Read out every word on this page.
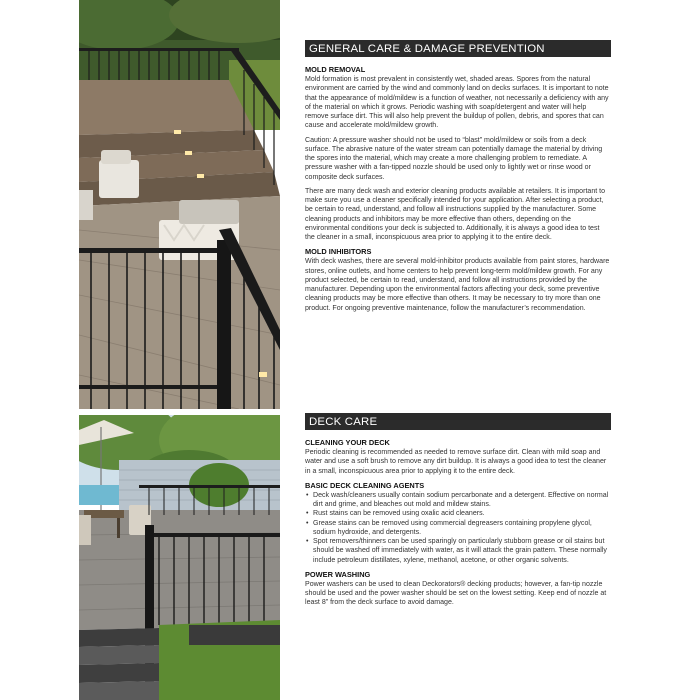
GENERAL CARE & DAMAGE PREVENTION
MOLD REMOVAL

Mold formation is most prevalent in consistently wet, shaded areas. Spores from the natural environment are carried by the wind and commonly land on decks surfaces. It is important to note that the appearance of mold/mildew is a function of weather, not necessarily a deficiency with any of the material on which it grows. Periodic washing with soap/detergent and water will help remove surface dirt. This will also help prevent the buildup of pollen, debris, and spores that can cause and accelerate mold/mildew growth.

Caution: A pressure washer should not be used to “blast” mold/mildew or soils from a deck surface. The abrasive nature of the water stream can potentially damage the material by driving the spores into the material, which may create a more challenging problem to remediate. A pressure washer with a fan-tipped nozzle should be used only to lightly wet or rinse wood or composite deck surfaces.

There are many deck wash and exterior cleaning products available at retailers. It is important to make sure you use a cleaner specifically intended for your application. After selecting a product, be certain to read, understand, and follow all instructions supplied by the manufacturer. Some cleaning products and inhibitors may be more effective than others, depending on the environmental conditions your deck is subjected to. Additionally, it is always a good idea to test the cleaner in a small, inconspicuous area prior to applying it to the entire deck.

MOLD INHIBITORS

With deck washes, there are several mold-inhibitor products available from paint stores, hardware stores, online outlets, and home centers to help prevent long-term mold/mildew growth. For any product selected, be certain to read, understand, and follow all instructions provided by the manufacturer. Depending upon the environmental factors affecting your deck, some preventive cleaning products may be more effective than others. It may be necessary to try more than one product. For ongoing preventive maintenance, follow the manufacturer’s recommendation.

DECK CARE
CLEANING YOUR DECK

Periodic cleaning is recommended as needed to remove surface dirt. Clean with mild soap and water and use a soft brush to remove any dirt buildup. It is always a good idea to test the cleaner in a small, inconspicuous area prior to applying it to the entire deck.

BASIC DECK CLEANING AGENTS
• Deck wash/cleaners usually contain sodium percarbonate and a detergent. Effective on normal dirt and grime, and bleaches out mold and mildew stains.
• Rust stains can be removed using oxalic acid cleaners.
• Grease stains can be removed using commercial degreasers containing propylene glycol, sodium hydroxide, and detergents.
• Spot removers/thinners can be used sparingly on particularly stubborn grease or oil stains but should be washed off immediately with water, as it will attack the grain pattern. These normally include petroleum distillates, xylene, methanol, acetone, or other organic solvents.
POWER WASHING

Power washers can be used to clean Deckorators® decking products; however, a fan-tip nozzle should be used and the power washer should be set on the lowest setting. Keep end of nozzle at least 8” from the deck surface to avoid damage.
